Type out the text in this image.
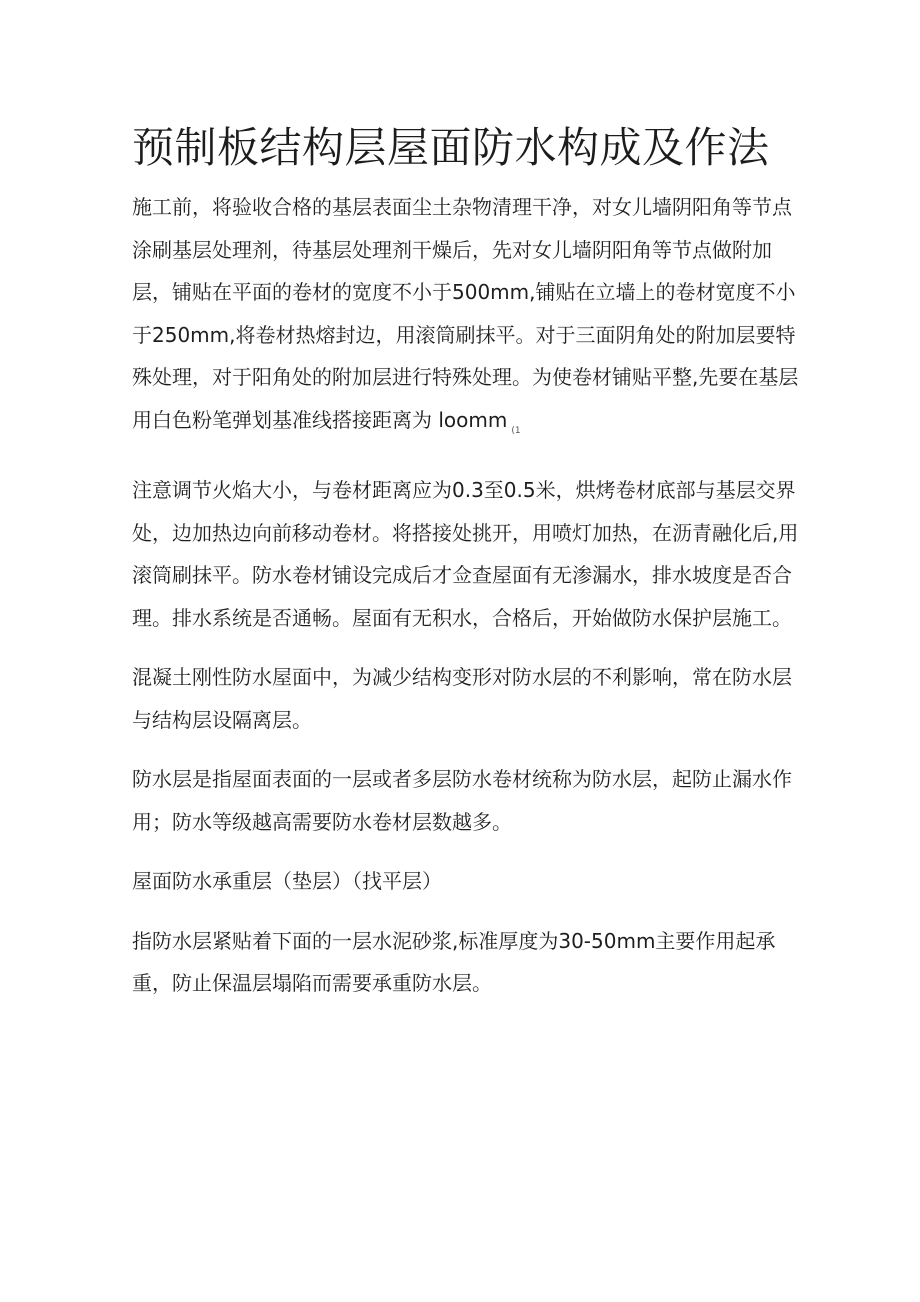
预制板结构层屋面防水构成及作法

施工前，将验收合格的基层表面尘土杂物清理干净，对女儿墙阴阳角等节点涂刷基层处理剂，待基层处理剂干燥后，先对女儿墙阴阳角等节点做附加层，铺贴在平面的卷材的宽度不小于500mm,铺贴在立墙上的卷材宽度不小于250mm,将卷材热熔封边，用滚筒刷抹平。对于三面阴角处的附加层要特殊处理，对于阳角处的附加层进行特殊处理。为使卷材铺贴平整,先要在基层用白色粉笔弹划基准线搭接距离为 loomm $_{(1}$

注意调节火焰大小，与卷材距离应为0.3至0.5米，烘烤卷材底部与基层交界处，边加热边向前移动卷材。将搭接处挑开，用喷灯加热，在沥青融化后,用滚筒刷抹平。防水卷材铺设完成后才佥查屋面有无渗漏水，排水坡度是否合理。排水系统是否通畅。屋面有无积水，合格后，开始做防水保护层施工。

混凝土刚性防水屋面中，为减少结构变形对防水层的不利影响，常在防水层与结构层设隔离层。

防水层是指屋面表面的一层或者多层防水卷材统称为防水层，起防止漏水作用；防水等级越高需要防水卷材层数越多。

屋面防水承重层（垫层）（找平层）

指防水层紧贴着下面的一层水泥砂浆,标准厚度为30-50mm主要作用起承重，防止保温层塌陷而需要承重防水层。
